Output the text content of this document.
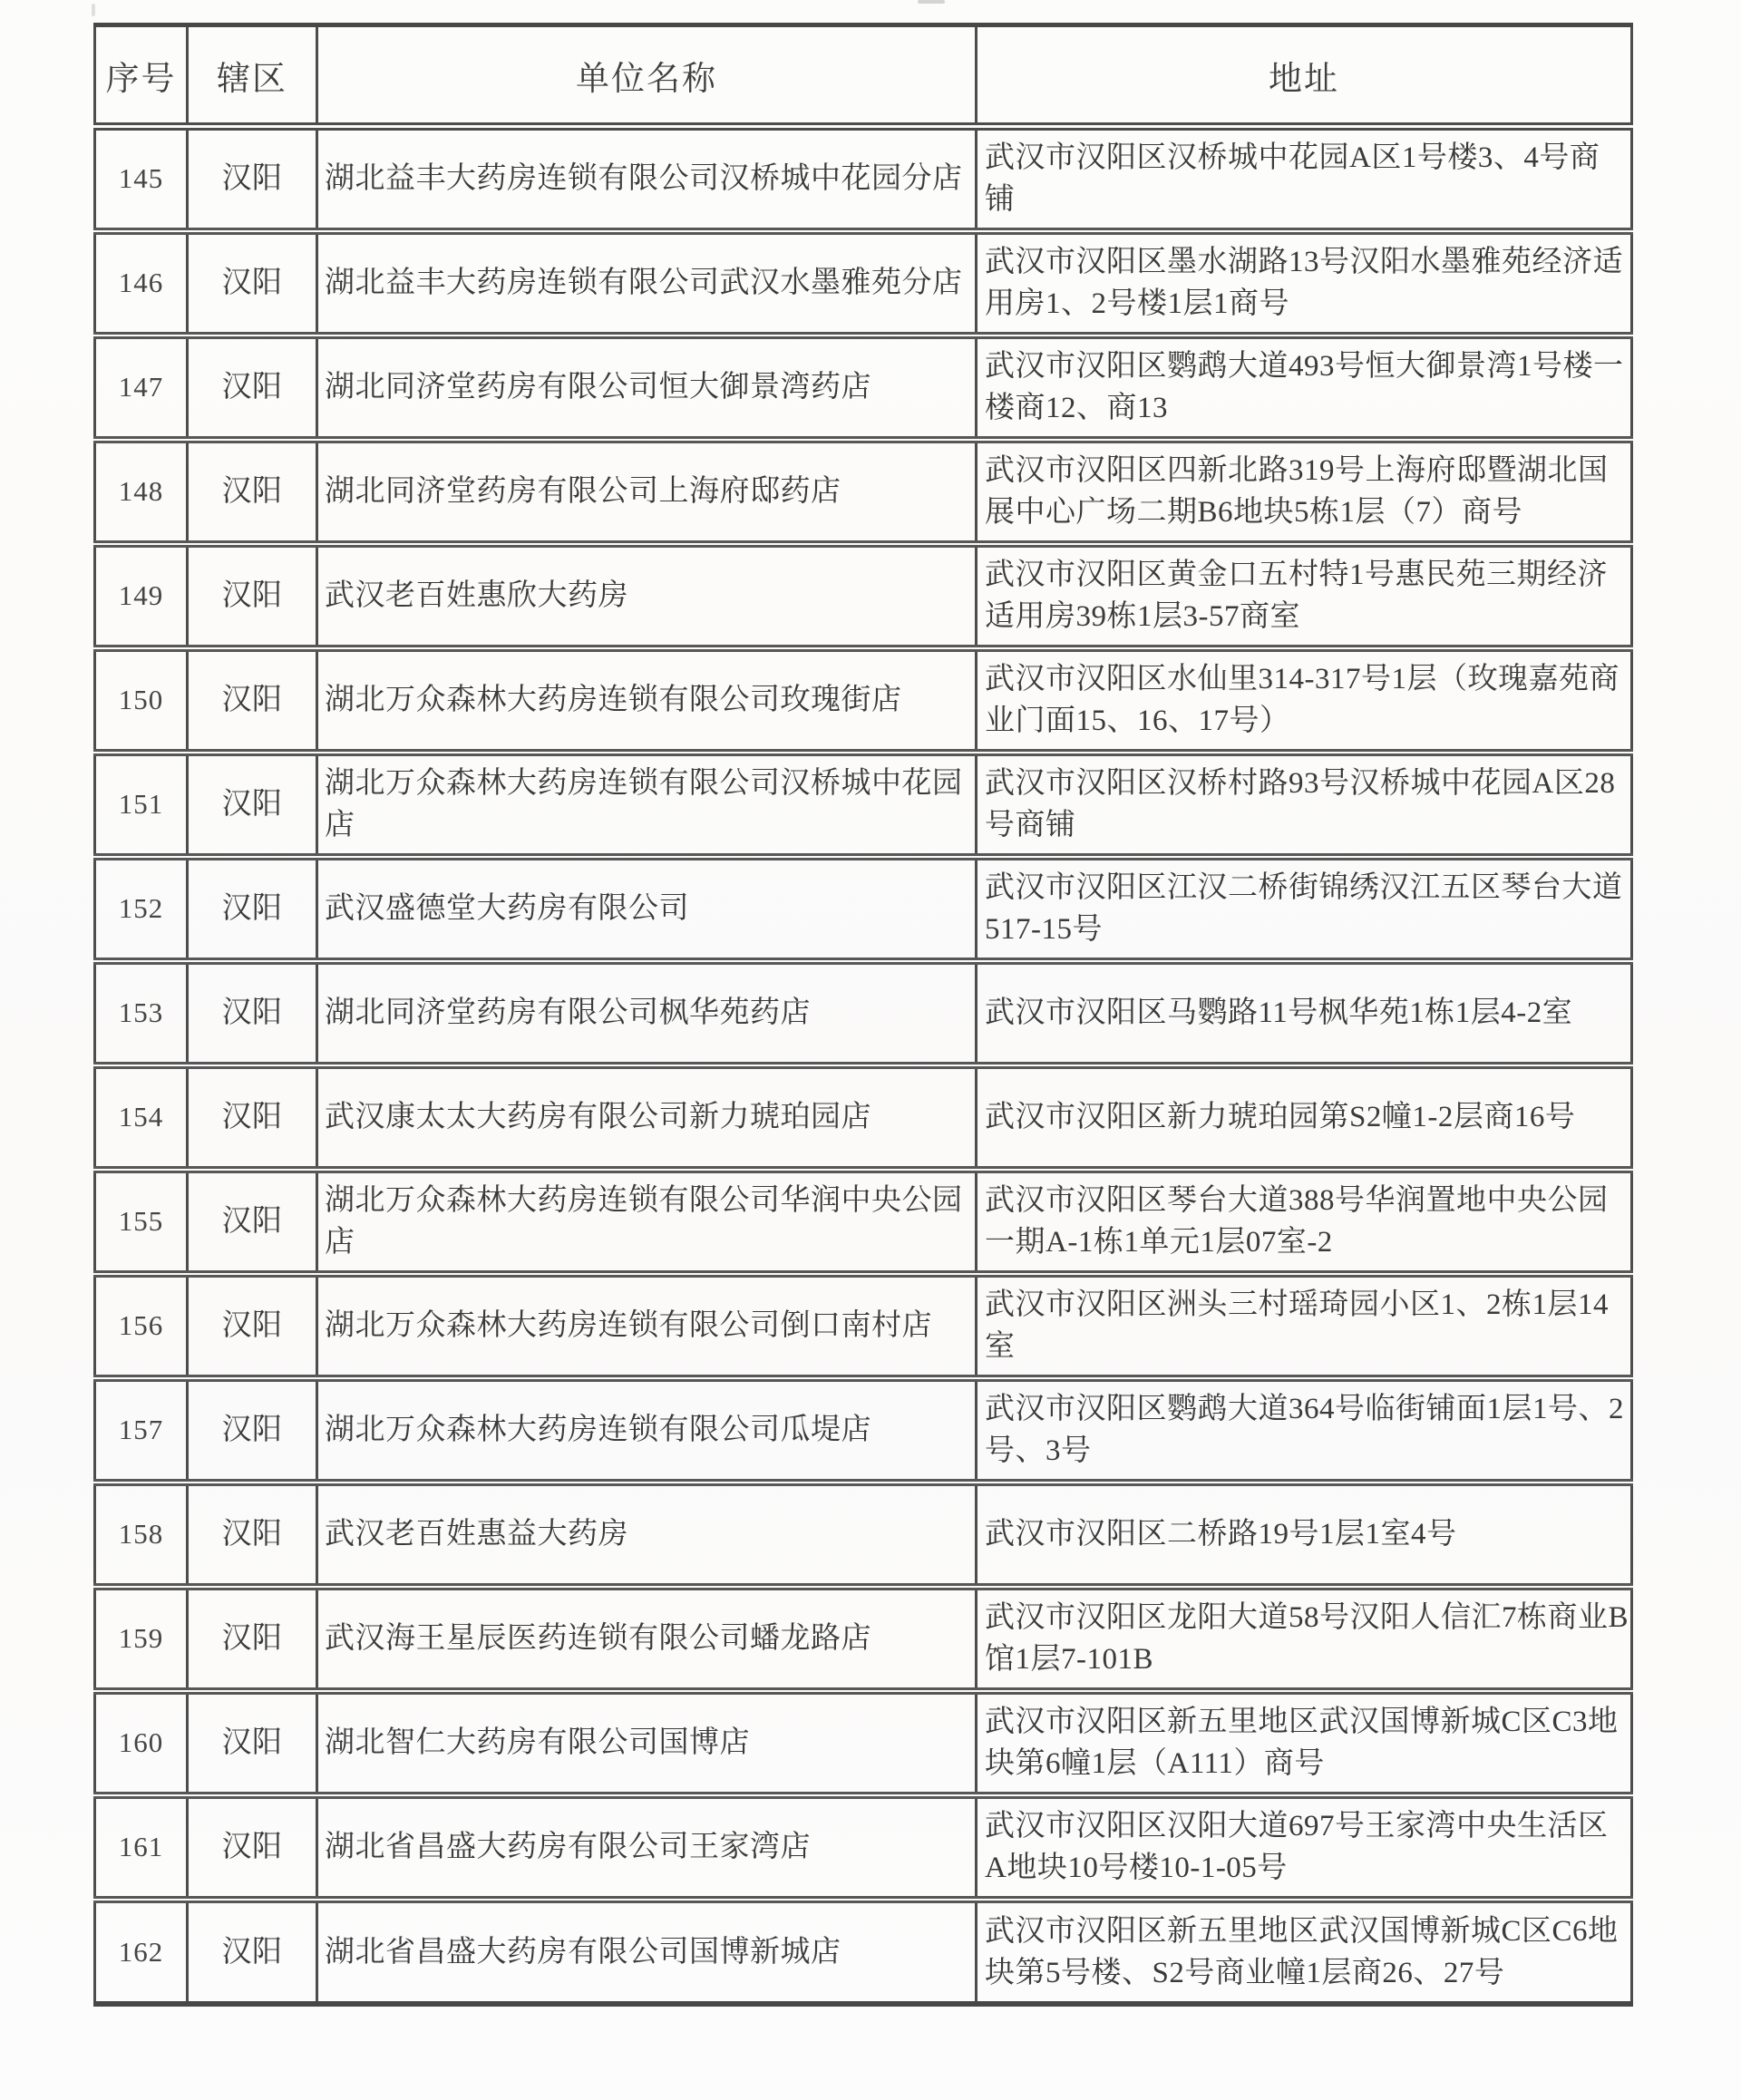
序号	辖区	单位名称	地址
145	汉阳	湖北益丰大药房连锁有限公司汉桥城中花园分店	武汉市汉阳区汉桥城中花园A区1号楼3、4号商铺
146	汉阳	湖北益丰大药房连锁有限公司武汉水墨雅苑分店	武汉市汉阳区墨水湖路13号汉阳水墨雅苑经济适用房1、2号楼1层1商号
147	汉阳	湖北同济堂药房有限公司恒大御景湾药店	武汉市汉阳区鹦鹉大道493号恒大御景湾1号楼一楼商12、商13
148	汉阳	湖北同济堂药房有限公司上海府邸药店	武汉市汉阳区四新北路319号上海府邸暨湖北国展中心广场二期B6地块5栋1层（7）商号
149	汉阳	武汉老百姓惠欣大药房	武汉市汉阳区黄金口五村特1号惠民苑三期经济适用房39栋1层3-57商室
150	汉阳	湖北万众森林大药房连锁有限公司玫瑰街店	武汉市汉阳区水仙里314-317号1层（玫瑰嘉苑商业门面15、16、17号）
151	汉阳	湖北万众森林大药房连锁有限公司汉桥城中花园店	武汉市汉阳区汉桥村路93号汉桥城中花园A区28号商铺
152	汉阳	武汉盛德堂大药房有限公司	武汉市汉阳区江汉二桥街锦绣汉江五区琴台大道517-15号
153	汉阳	湖北同济堂药房有限公司枫华苑药店	武汉市汉阳区马鹦路11号枫华苑1栋1层4-2室
154	汉阳	武汉康太太大药房有限公司新力琥珀园店	武汉市汉阳区新力琥珀园第S2幢1-2层商16号
155	汉阳	湖北万众森林大药房连锁有限公司华润中央公园店	武汉市汉阳区琴台大道388号华润置地中央公园一期A-1栋1单元1层07室-2
156	汉阳	湖北万众森林大药房连锁有限公司倒口南村店	武汉市汉阳区洲头三村瑶琦园小区1、2栋1层14室
157	汉阳	湖北万众森林大药房连锁有限公司瓜堤店	武汉市汉阳区鹦鹉大道364号临街铺面1层1号、2号、3号
158	汉阳	武汉老百姓惠益大药房	武汉市汉阳区二桥路19号1层1室4号
159	汉阳	武汉海王星辰医药连锁有限公司蟠龙路店	武汉市汉阳区龙阳大道58号汉阳人信汇7栋商业B馆1层7-101B
160	汉阳	湖北智仁大药房有限公司国博店	武汉市汉阳区新五里地区武汉国博新城C区C3地块第6幢1层（A111）商号
161	汉阳	湖北省昌盛大药房有限公司王家湾店	武汉市汉阳区汉阳大道697号王家湾中央生活区A地块10号楼10-1-05号
162	汉阳	湖北省昌盛大药房有限公司国博新城店	武汉市汉阳区新五里地区武汉国博新城C区C6地块第5号楼、S2号商业幢1层商26、27号
